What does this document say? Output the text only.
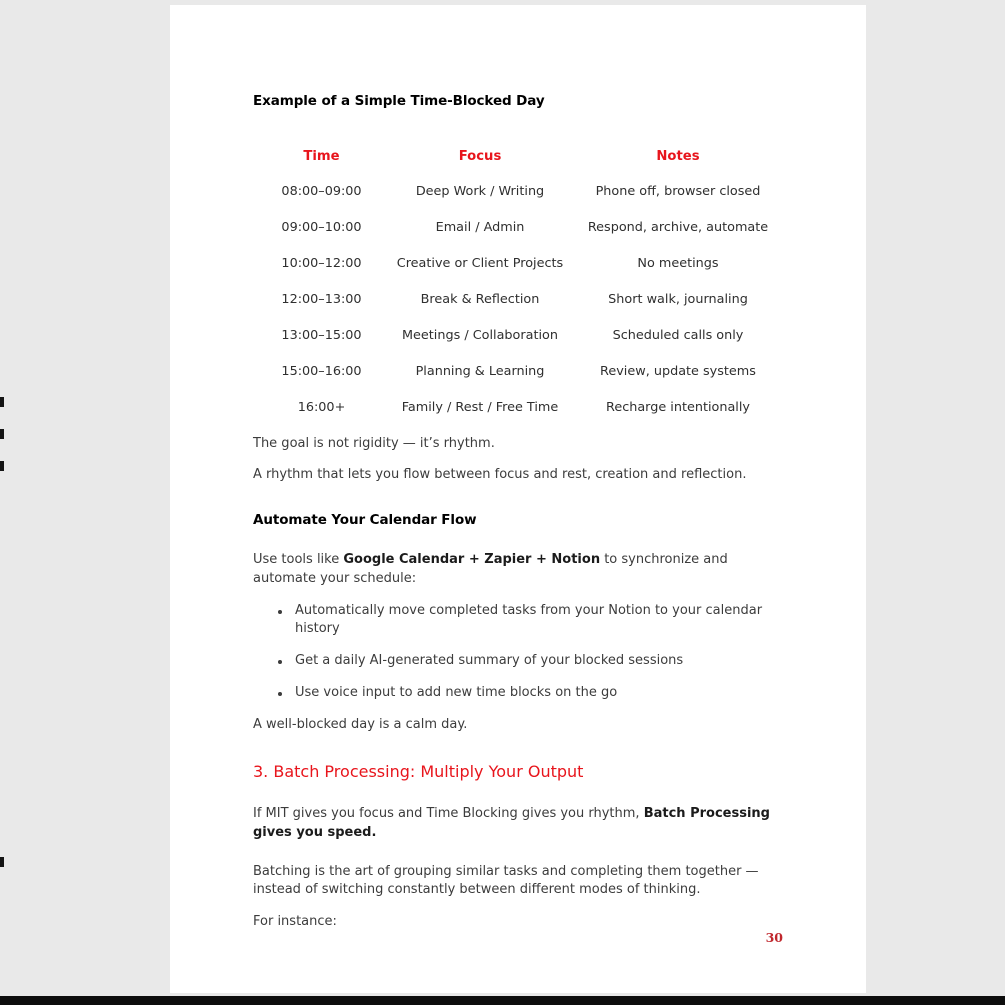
Example of a Simple Time-Blocked Day
Time	Focus	Notes
08:00–09:00	Deep Work / Writing	Phone off, browser closed
09:00–10:00	Email / Admin	Respond, archive, automate
10:00–12:00	Creative or Client Projects	No meetings
12:00–13:00	Break & Reflection	Short walk, journaling
13:00–15:00	Meetings / Collaboration	Scheduled calls only
15:00–16:00	Planning & Learning	Review, update systems
16:00+	Family / Rest / Free Time	Recharge intentionally
The goal is not rigidity — it’s rhythm.
A rhythm that lets you flow between focus and rest, creation and reflection.
Automate Your Calendar Flow
Use tools like Google Calendar + Zapier + Notion to synchronize and automate your schedule:
Automatically move completed tasks from your Notion to your calendar history
Get a daily AI-generated summary of your blocked sessions
Use voice input to add new time blocks on the go
A well-blocked day is a calm day.
3. Batch Processing: Multiply Your Output
If MIT gives you focus and Time Blocking gives you rhythm, Batch Processing gives you speed.
Batching is the art of grouping similar tasks and completing them together — instead of switching constantly between different modes of thinking.
For instance:
30
